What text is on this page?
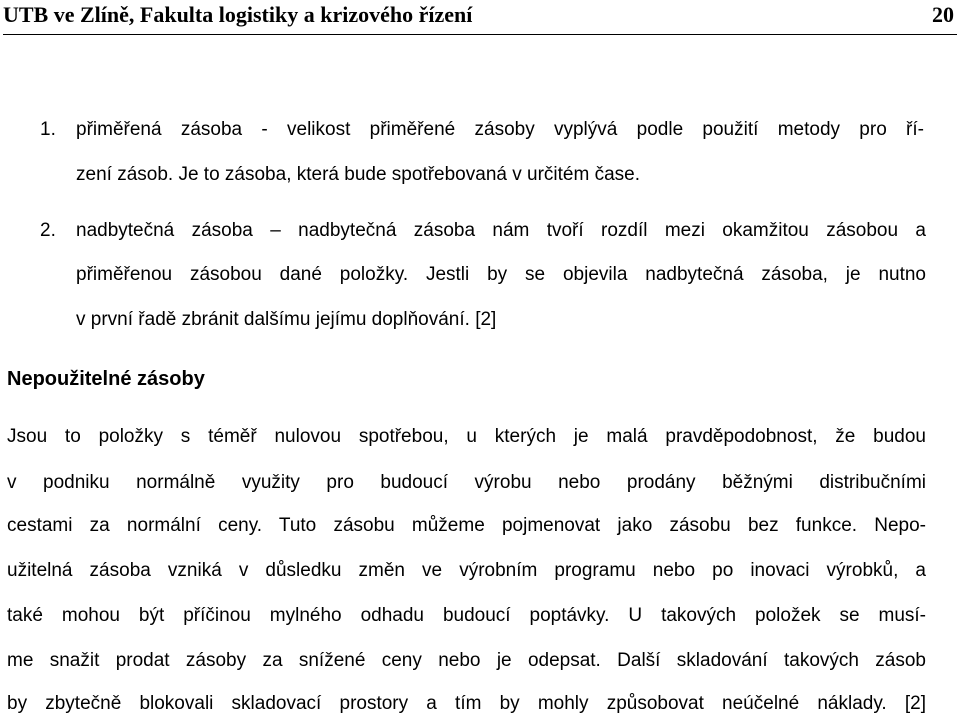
UTB ve Zlíně, Fakulta logistiky a krizového řízení	20
1. přiměřená zásoba - velikost přiměřené zásoby vyplývá podle použití metody pro ří-
zení zásob. Je to zásoba, která bude spotřebovaná v určitém čase.
2. nadbytečná zásoba – nadbytečná zásoba nám tvoří rozdíl mezi okamžitou zásobou a
přiměřenou zásobou dané položky. Jestli by se objevila nadbytečná zásoba, je nutno
v první řadě zbránit dalšímu jejímu doplňování. [2]
Nepoužitelné zásoby
Jsou to položky s téměř nulovou spotřebou, u kterých je malá pravděpodobnost, že budou
v podniku normálně využity pro budoucí výrobu nebo prodány běžnými distribučními
cestami za normální ceny. Tuto zásobu můžeme pojmenovat jako zásobu bez funkce. Nepo-
užitelná zásoba vzniká v důsledku změn ve výrobním programu nebo po inovaci výrobků, a
také mohou být příčinou mylného odhadu budoucí poptávky. U takových položek se musí-
me snažit prodat zásoby za snížené ceny nebo je odepsat. Další skladování takových zásob
by zbytečně blokovali skladovací prostory a tím by mohly způsobovat neúčelné náklady. [2]
